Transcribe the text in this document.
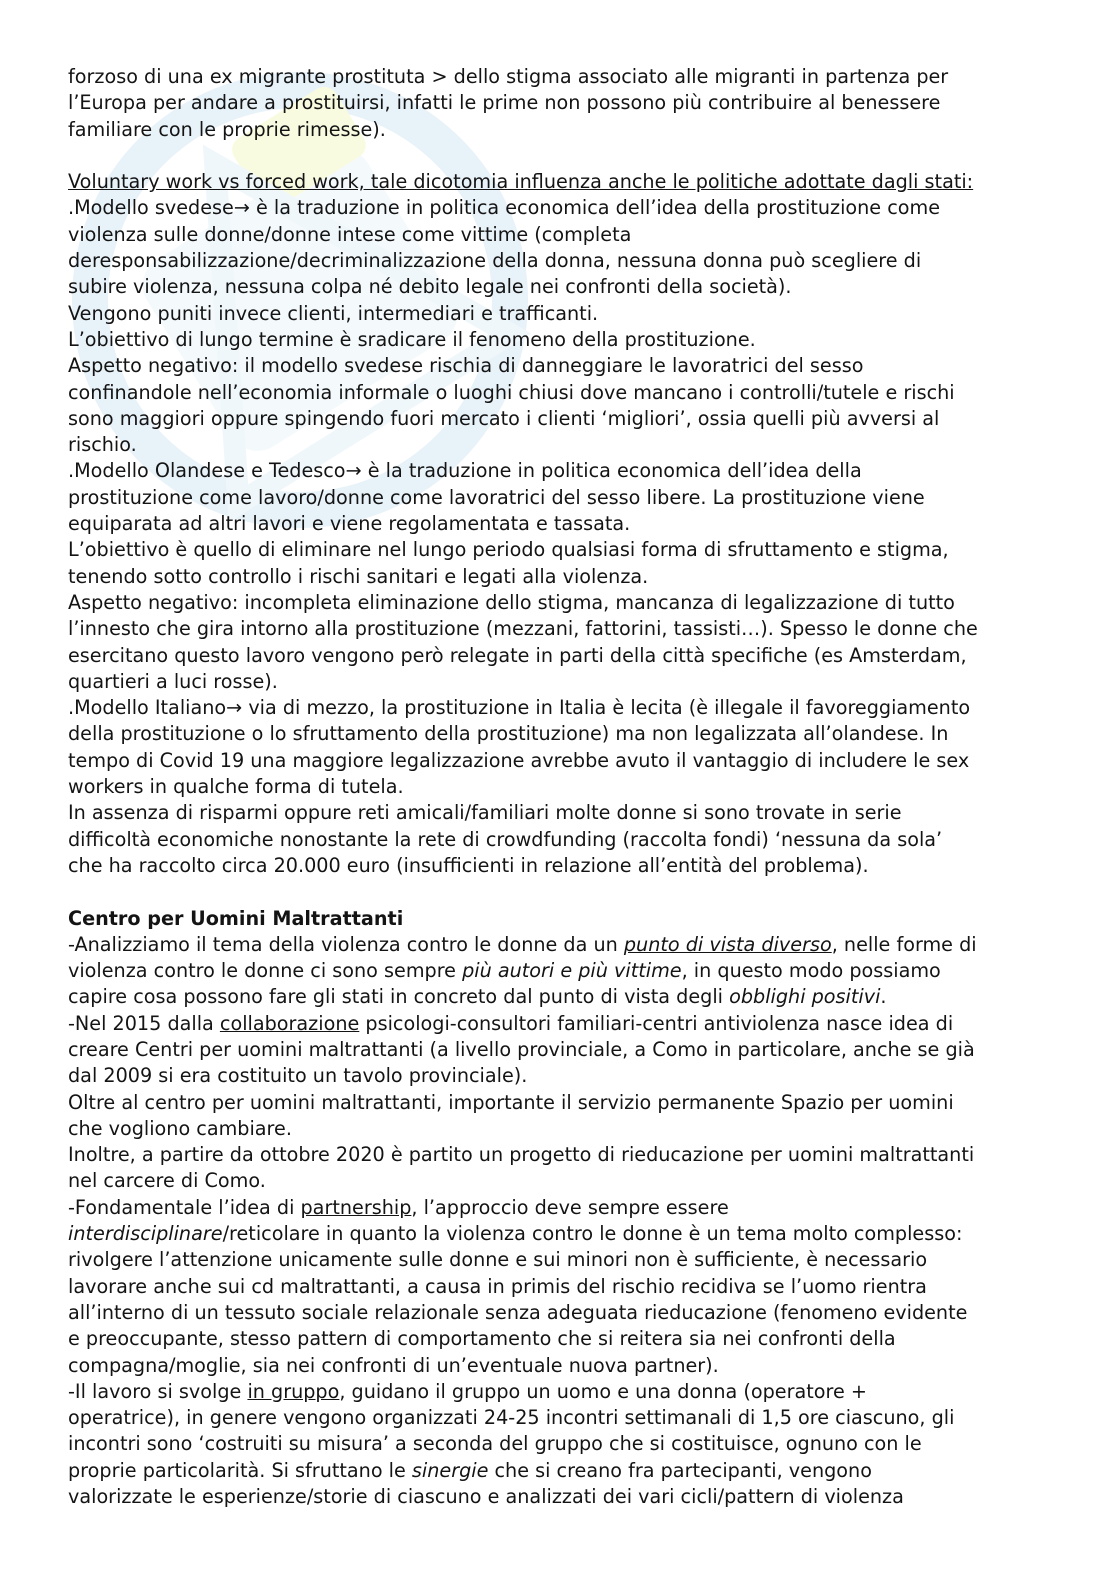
forzoso di una ex migrante prostituta > dello stigma associato alle migranti in partenza per
l’Europa per andare a prostituirsi, infatti le prime non possono più contribuire al benessere
familiare con le proprie rimesse).
Voluntary work vs forced work, tale dicotomia influenza anche le politiche adottate dagli stati:
.Modello svedese→ è la traduzione in politica economica dell’idea della prostituzione come
violenza sulle donne/donne intese come vittime (completa
deresponsabilizzazione/decriminalizzazione della donna, nessuna donna può scegliere di
subire violenza, nessuna colpa né debito legale nei confronti della società).
Vengono puniti invece clienti, intermediari e trafficanti.
L’obiettivo di lungo termine è sradicare il fenomeno della prostituzione.
Aspetto negativo: il modello svedese rischia di danneggiare le lavoratrici del sesso
confinandole nell’economia informale o luoghi chiusi dove mancano i controlli/tutele e rischi
sono maggiori oppure spingendo fuori mercato i clienti ‘migliori’, ossia quelli più avversi al
rischio.
.Modello Olandese e Tedesco→ è la traduzione in politica economica dell’idea della
prostituzione come lavoro/donne come lavoratrici del sesso libere. La prostituzione viene
equiparata ad altri lavori e viene regolamentata e tassata.
L’obiettivo è quello di eliminare nel lungo periodo qualsiasi forma di sfruttamento e stigma,
tenendo sotto controllo i rischi sanitari e legati alla violenza.
Aspetto negativo: incompleta eliminazione dello stigma, mancanza di legalizzazione di tutto
l’innesto che gira intorno alla prostituzione (mezzani, fattorini, tassisti…). Spesso le donne che
esercitano questo lavoro vengono però relegate in parti della città specifiche (es Amsterdam,
quartieri a luci rosse).
.Modello Italiano→ via di mezzo, la prostituzione in Italia è lecita (è illegale il favoreggiamento
della prostituzione o lo sfruttamento della prostituzione) ma non legalizzata all’olandese. In
tempo di Covid 19 una maggiore legalizzazione avrebbe avuto il vantaggio di includere le sex
workers in qualche forma di tutela.
In assenza di risparmi oppure reti amicali/familiari molte donne si sono trovate in serie
difficoltà economiche nonostante la rete di crowdfunding (raccolta fondi) ‘nessuna da sola’
che ha raccolto circa 20.000 euro (insufficienti in relazione all’entità del problema).
Centro per Uomini Maltrattanti
-Analizziamo il tema della violenza contro le donne da un punto di vista diverso, nelle forme di
violenza contro le donne ci sono sempre più autori e più vittime, in questo modo possiamo
capire cosa possono fare gli stati in concreto dal punto di vista degli obblighi positivi.
-Nel 2015 dalla collaborazione psicologi-consultori familiari-centri antiviolenza nasce idea di
creare Centri per uomini maltrattanti (a livello provinciale, a Como in particolare, anche se già
dal 2009 si era costituito un tavolo provinciale).
Oltre al centro per uomini maltrattanti, importante il servizio permanente Spazio per uomini
che vogliono cambiare.
Inoltre, a partire da ottobre 2020 è partito un progetto di rieducazione per uomini maltrattanti
nel carcere di Como.
-Fondamentale l’idea di partnership, l’approccio deve sempre essere
interdisciplinare/reticolare in quanto la violenza contro le donne è un tema molto complesso:
rivolgere l’attenzione unicamente sulle donne e sui minori non è sufficiente, è necessario
lavorare anche sui cd maltrattanti, a causa in primis del rischio recidiva se l’uomo rientra
all’interno di un tessuto sociale relazionale senza adeguata rieducazione (fenomeno evidente
e preoccupante, stesso pattern di comportamento che si reitera sia nei confronti della
compagna/moglie, sia nei confronti di un’eventuale nuova partner).
-Il lavoro si svolge in gruppo, guidano il gruppo un uomo e una donna (operatore +
operatrice), in genere vengono organizzati 24-25 incontri settimanali di 1,5 ore ciascuno, gli
incontri sono ‘costruiti su misura’ a seconda del gruppo che si costituisce, ognuno con le
proprie particolarità. Si sfruttano le sinergie che si creano fra partecipanti, vengono
valorizzate le esperienze/storie di ciascuno e analizzati dei vari cicli/pattern di violenza
